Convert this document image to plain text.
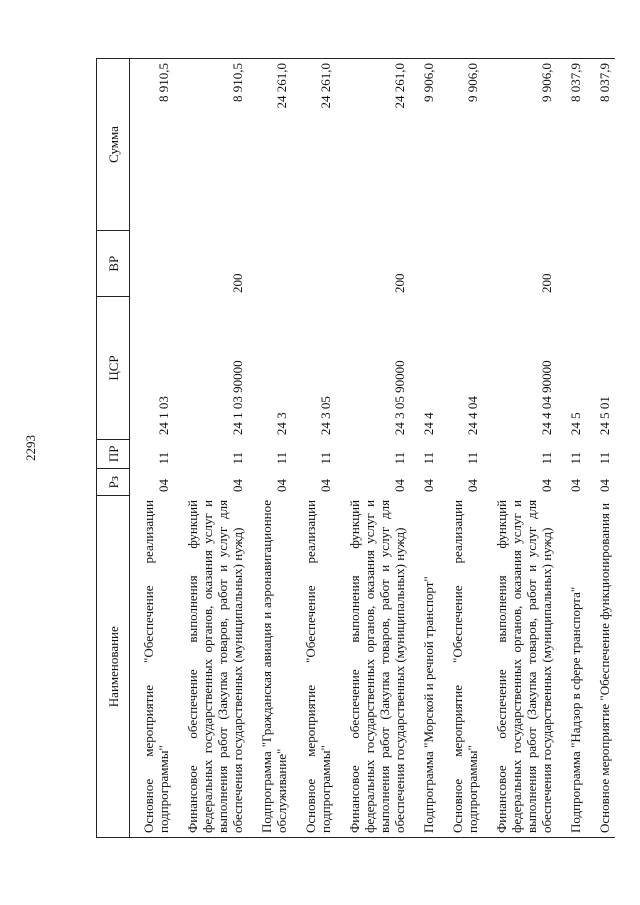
2293
Наименование	Рз	ПР	ЦСР	ВР	Сумма

Основное мероприятие "Обеспечение реализации подпрограммы"	04	11	24 1 03		8 910,5

Финансовое обеспечение выполнения функций федеральных государственных органов, оказания услуг и выполнения работ (Закупка товаров, работ и услуг для обеспечения государственных (муниципальных) нужд)	04	11	24 1 03 90000	200	8 910,5

Подпрограмма "Гражданская авиация и аэронавигационное обслуживание"	04	11	24 3		24 261,0

Основное мероприятие "Обеспечение реализации подпрограммы"	04	11	24 3 05		24 261,0

Финансовое обеспечение выполнения функций федеральных государственных органов, оказания услуг и выполнения работ (Закупка товаров, работ и услуг для обеспечения государственных (муниципальных) нужд)	04	11	24 3 05 90000	200	24 261,0

Подпрограмма "Морской и речной транспорт"	04	11	24 4		9 906,0

Основное мероприятие "Обеспечение реализации подпрограммы"	04	11	24 4 04		9 906,0

Финансовое обеспечение выполнения функций федеральных государственных органов, оказания услуг и выполнения работ (Закупка товаров, работ и услуг для обеспечения государственных (муниципальных) нужд)	04	11	24 4 04 90000	200	9 906,0

Подпрограмма "Надзор в сфере транспорта"	04	11	24 5		8 037,9

Основное мероприятие "Обеспечение функционирования и	04	11	24 5 01		8 037,9
